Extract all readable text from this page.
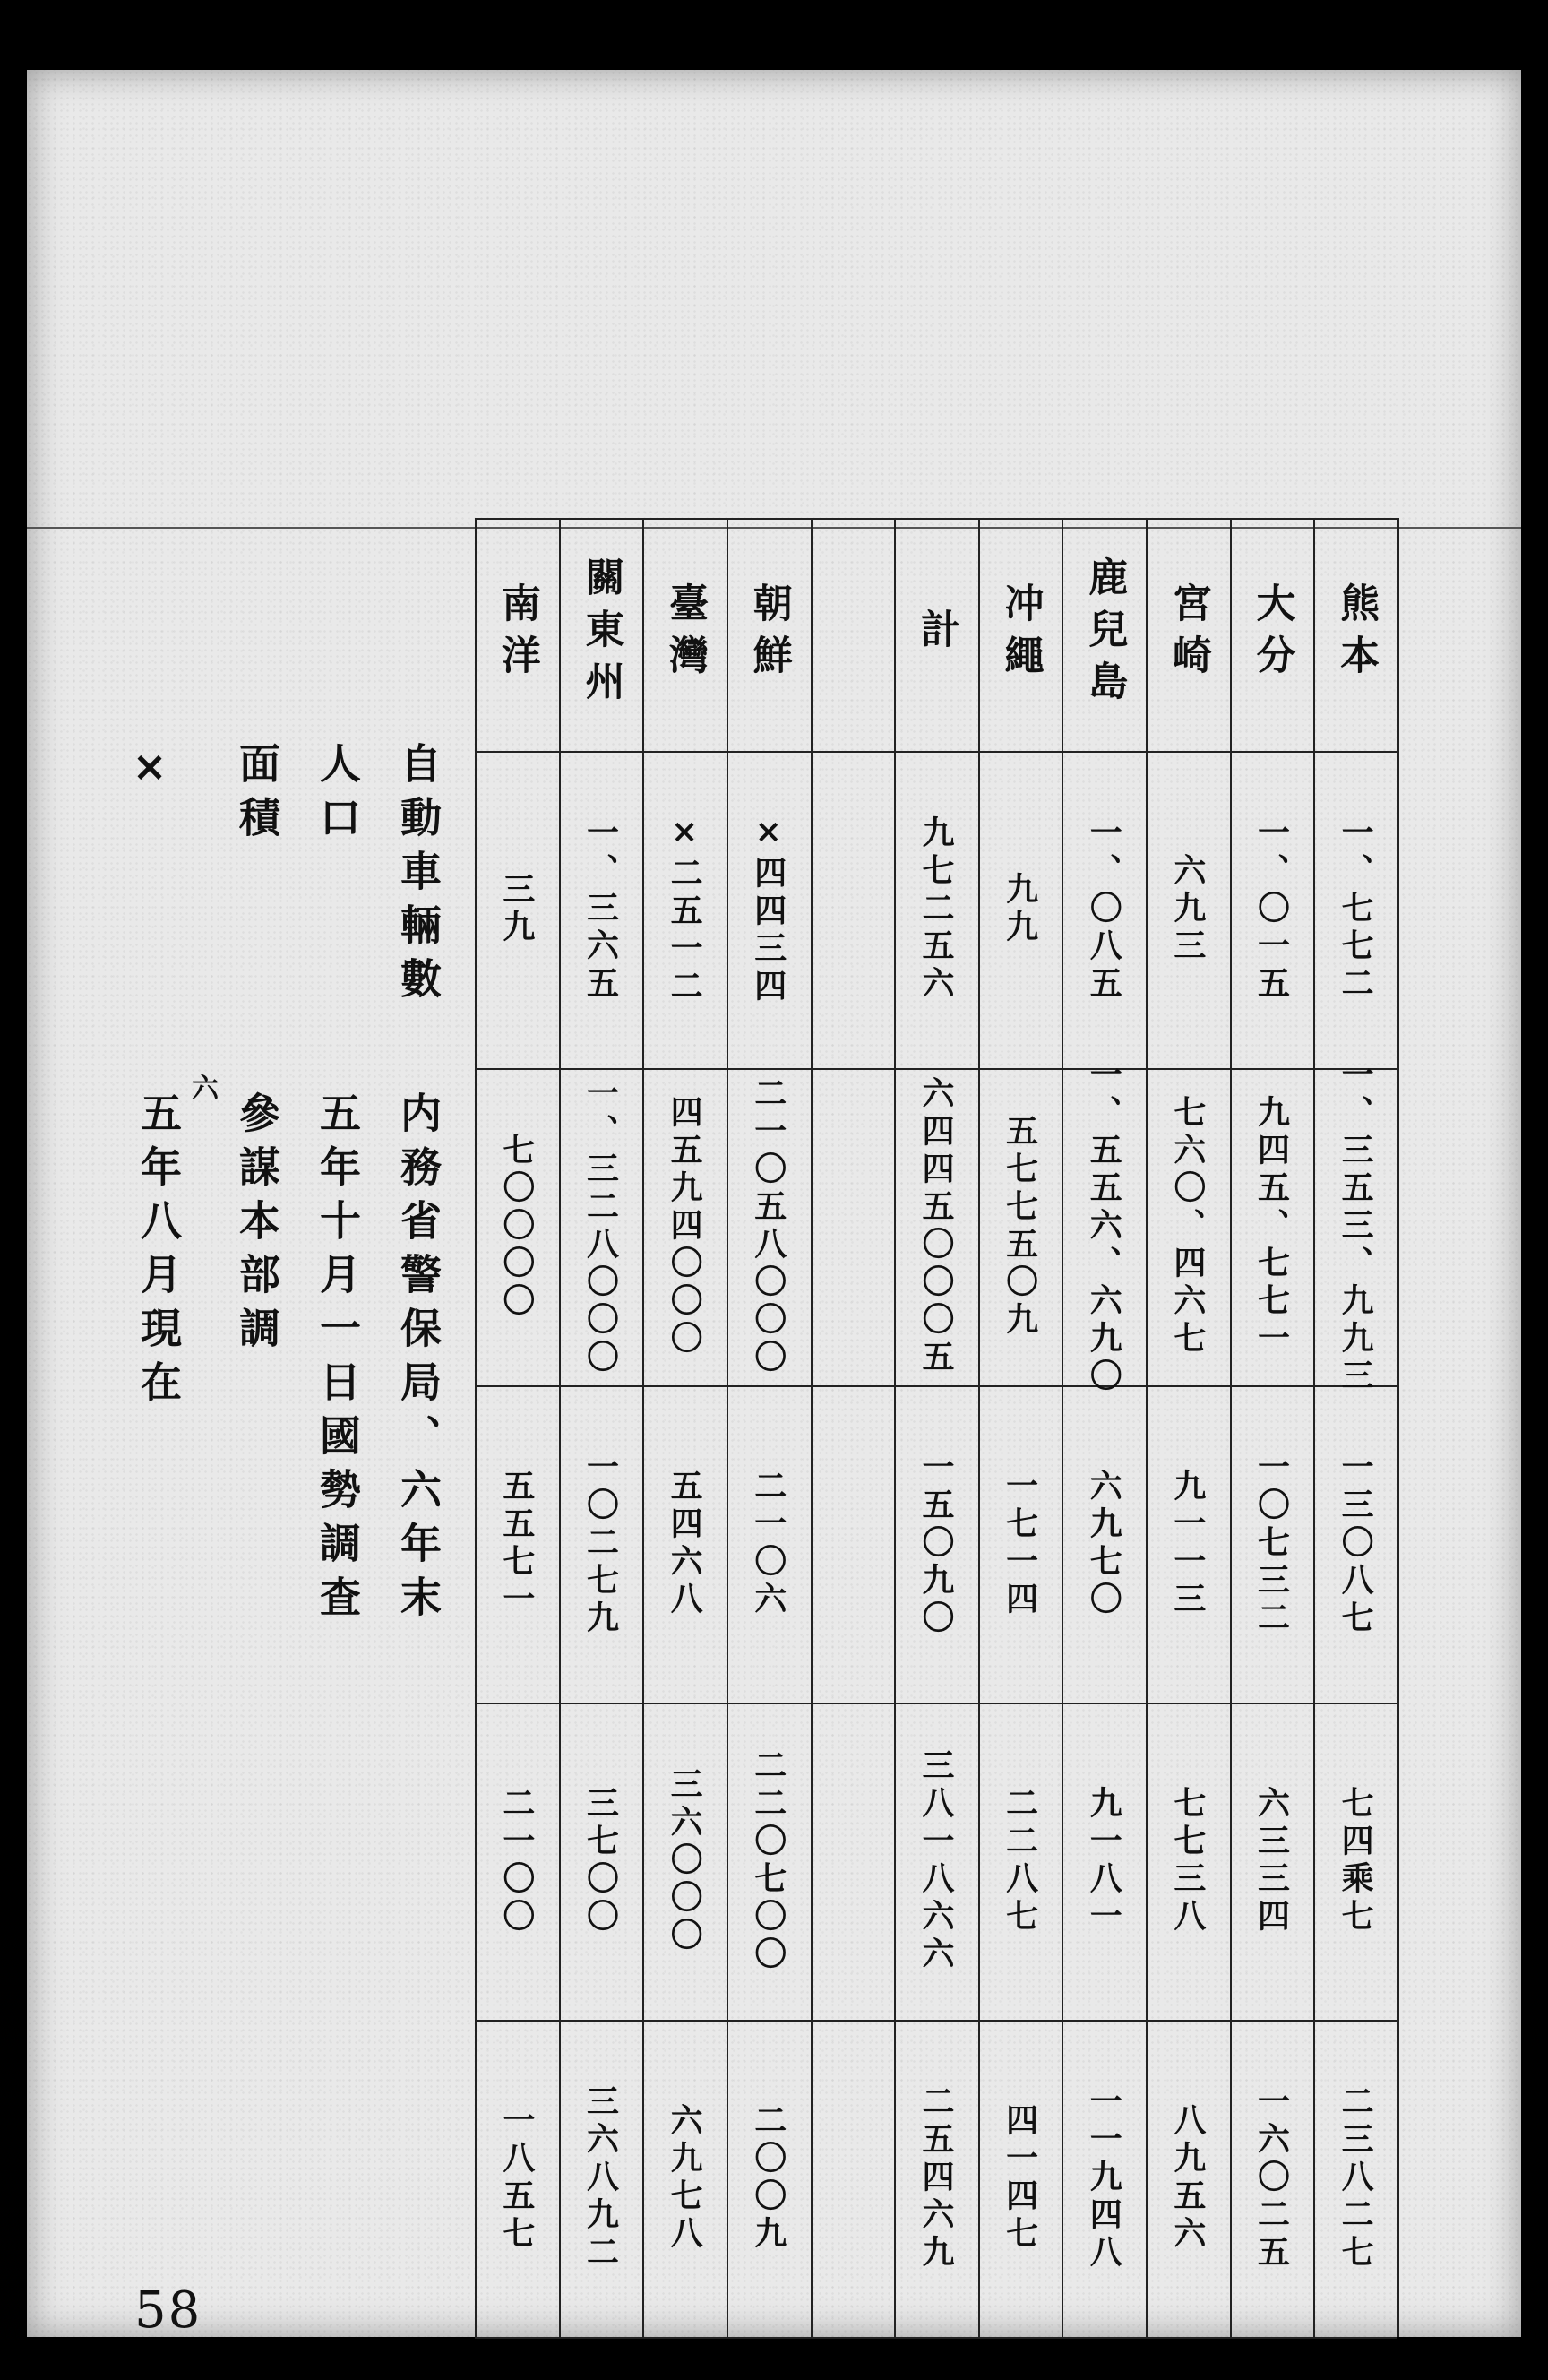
熊本
大分
宮崎
鹿兒島
冲繩
計
朝鮮
臺灣
關東州
南洋
一、七七二
一、〇一五
六九三
一、〇八五
九九
九七二五六
×四四三四
×二五一二
一、三六五
三九
一、三五三、九九三
九四五、七七一
七六〇、四六七
一、五五六、六九〇
五七七五〇九
六四四五〇〇〇五
二一〇五八〇〇〇
四五九四〇〇〇
一、三二八〇〇〇
七〇〇〇〇
一三〇八七
一〇七三二
九一一三
六九七〇
一七一四
一五〇九〇
二一〇六
五四六八
一〇二七九
五五七一
七四乘七
六三三四
七七三八
九一八一
二二八七
三八一八六六
二二〇七〇〇
三六〇〇〇
三七〇〇
二一〇〇
二三八二七
一六〇二五
八九五六
一一九四八
四一四七
二五四六九
二〇〇九
六九七八
三六八九二
一八五七
自動車輛數
内務省警保局、六年末
人口
五年十月一日國勢調査
面積
參謀本部調
×
五年八月現在 六
58
